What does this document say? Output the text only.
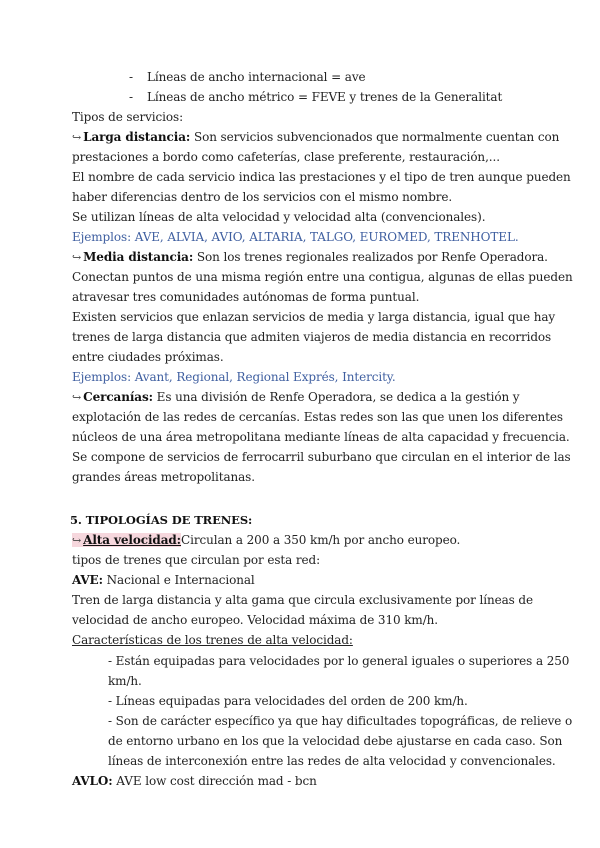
- Líneas de ancho internacional = ave
- Líneas de ancho métrico = FEVE y trenes de la Generalitat
Tipos de servicios:
↪ Larga distancia: Son servicios subvencionados que normalmente cuentan con
prestaciones a bordo como cafeterías, clase preferente, restauración,...
El nombre de cada servicio indica las prestaciones y el tipo de tren aunque pueden
haber diferencias dentro de los servicios con el mismo nombre.
Se utilizan líneas de alta velocidad y velocidad alta (convencionales).
Ejemplos: AVE, ALVIA, AVIO, ALTARIA, TALGO, EUROMED, TRENHOTEL.
↪ Media distancia: Son los trenes regionales realizados por Renfe Operadora.
Conectan puntos de una misma región entre una contigua, algunas de ellas pueden
atravesar tres comunidades autónomas de forma puntual.
Existen servicios que enlazan servicios de media y larga distancia, igual que hay
trenes de larga distancia que admiten viajeros de media distancia en recorridos
entre ciudades próximas.
Ejemplos: Avant, Regional, Regional Exprés, Intercity.
↪ Cercanías: Es una división de Renfe Operadora, se dedica a la gestión y
explotación de las redes de cercanías. Estas redes son las que unen los diferentes
núcleos de una área metropolitana mediante líneas de alta capacidad y frecuencia.
Se compone de servicios de ferrocarril suburbano que circulan en el interior de las
grandes áreas metropolitanas.
5. TIPOLOGÍAS DE TRENES:
↪ Alta velocidad:Circulan a 200 a 350 km/h por ancho europeo.
tipos de trenes que circulan por esta red:
AVE: Nacional e Internacional
Tren de larga distancia y alta gama que circula exclusivamente por líneas de
velocidad de ancho europeo. Velocidad máxima de 310 km/h.
Características de los trenes de alta velocidad:
- Están equipadas para velocidades por lo general iguales o superiores a 250
km/h.
- Líneas equipadas para velocidades del orden de 200 km/h.
- Son de carácter específico ya que hay dificultades topográficas, de relieve o
de entorno urbano en los que la velocidad debe ajustarse en cada caso. Son
líneas de interconexión entre las redes de alta velocidad y convencionales.
AVLO: AVE low cost dirección mad - bcn
